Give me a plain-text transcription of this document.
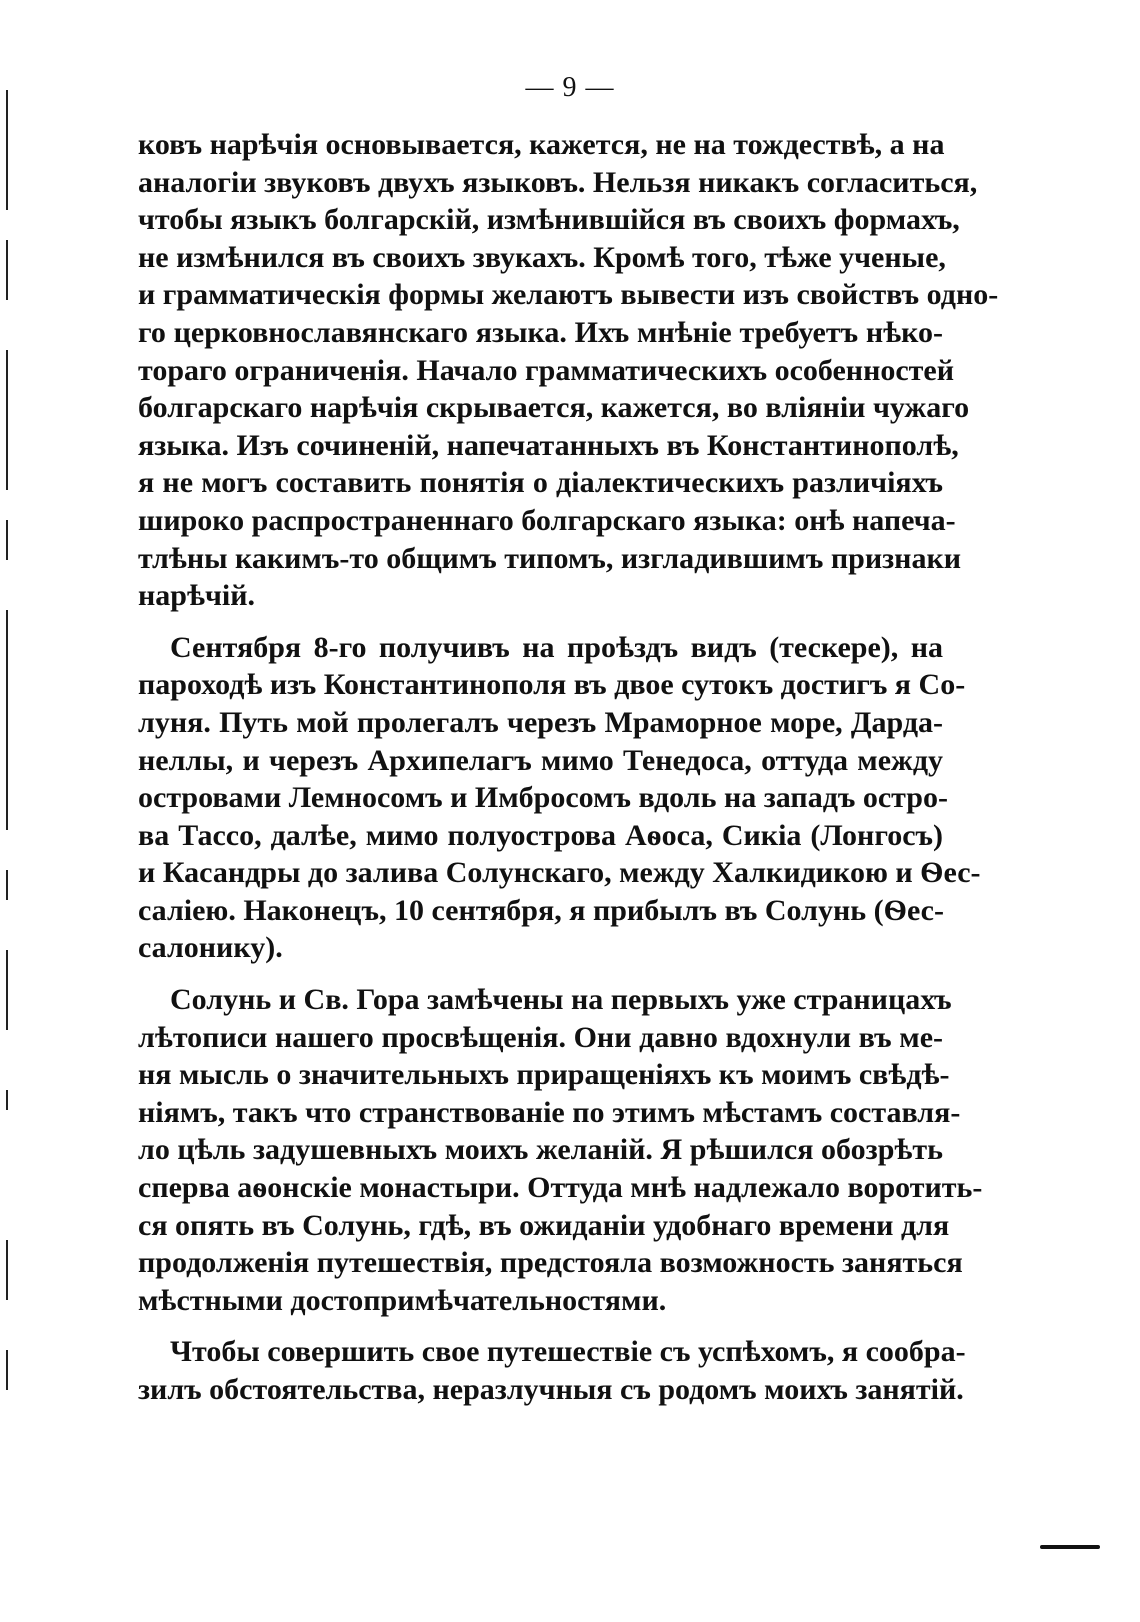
— 9 —
ковъ нарѣчія основывается, кажется, не на тождествѣ, а на
аналогіи звуковъ двухъ языковъ. Нельзя никакъ согласиться,
чтобы языкъ болгарскій, измѣнившійся въ своихъ формахъ,
не измѣнился въ своихъ звукахъ. Кромѣ того, тѣже ученые,
и грамматическія формы желаютъ вывести изъ свойствъ одно-
го церковнославянскаго языка. Ихъ мнѣніе требуетъ нѣко-
тораго ограниченія. Начало грамматическихъ особенностей
болгарскаго нарѣчія скрывается, кажется, во вліяніи чужаго
языка. Изъ сочиненій, напечатанныхъ въ Константинополѣ,
я не могъ составить понятія о діалектическихъ различіяхъ
широко распространеннаго болгарскаго языка: онѣ напеча-
тлѣны какимъ-то общимъ типомъ, изгладившимъ признаки
нарѣчій.
Сентября 8-го получивъ на проѣздъ видъ (тескере), на
пароходѣ изъ Константинополя въ двое сутокъ достигъ я Со-
луня. Путь мой пролегалъ черезъ Мраморное море, Дарда-
неллы, и черезъ Архипелагъ мимо Тенедоса, оттуда между
островами Лемносомъ и Имбросомъ вдоль на западъ остро-
ва Тассо, далѣе, мимо полуострова Аѳоса, Сикіа (Лонгосъ)
и Касандры до залива Солунскаго, между Халкидикою и Ѳес-
саліею. Наконецъ, 10 сентября, я прибылъ въ Солунь (Ѳес-
салонику).
Солунь и Св. Гора замѣчены на первыхъ уже страницахъ
лѣтописи нашего просвѣщенія. Они давно вдохнули въ ме-
ня мысль о значительныхъ приращеніяхъ къ моимъ свѣдѣ-
ніямъ, такъ что странствованіе по этимъ мѣстамъ составля-
ло цѣль задушевныхъ моихъ желаній. Я рѣшился обозрѣть
сперва аѳонскіе монастыри. Оттуда мнѣ надлежало воротить-
ся опять въ Солунь, гдѣ, въ ожиданіи удобнаго времени для
продолженія путешествія, предстояла возможность заняться
мѣстными достопримѣчательностями.
Чтобы совершить свое путешествіе съ успѣхомъ, я сообра-
зилъ обстоятельства, неразлучныя съ родомъ моихъ занятій.
